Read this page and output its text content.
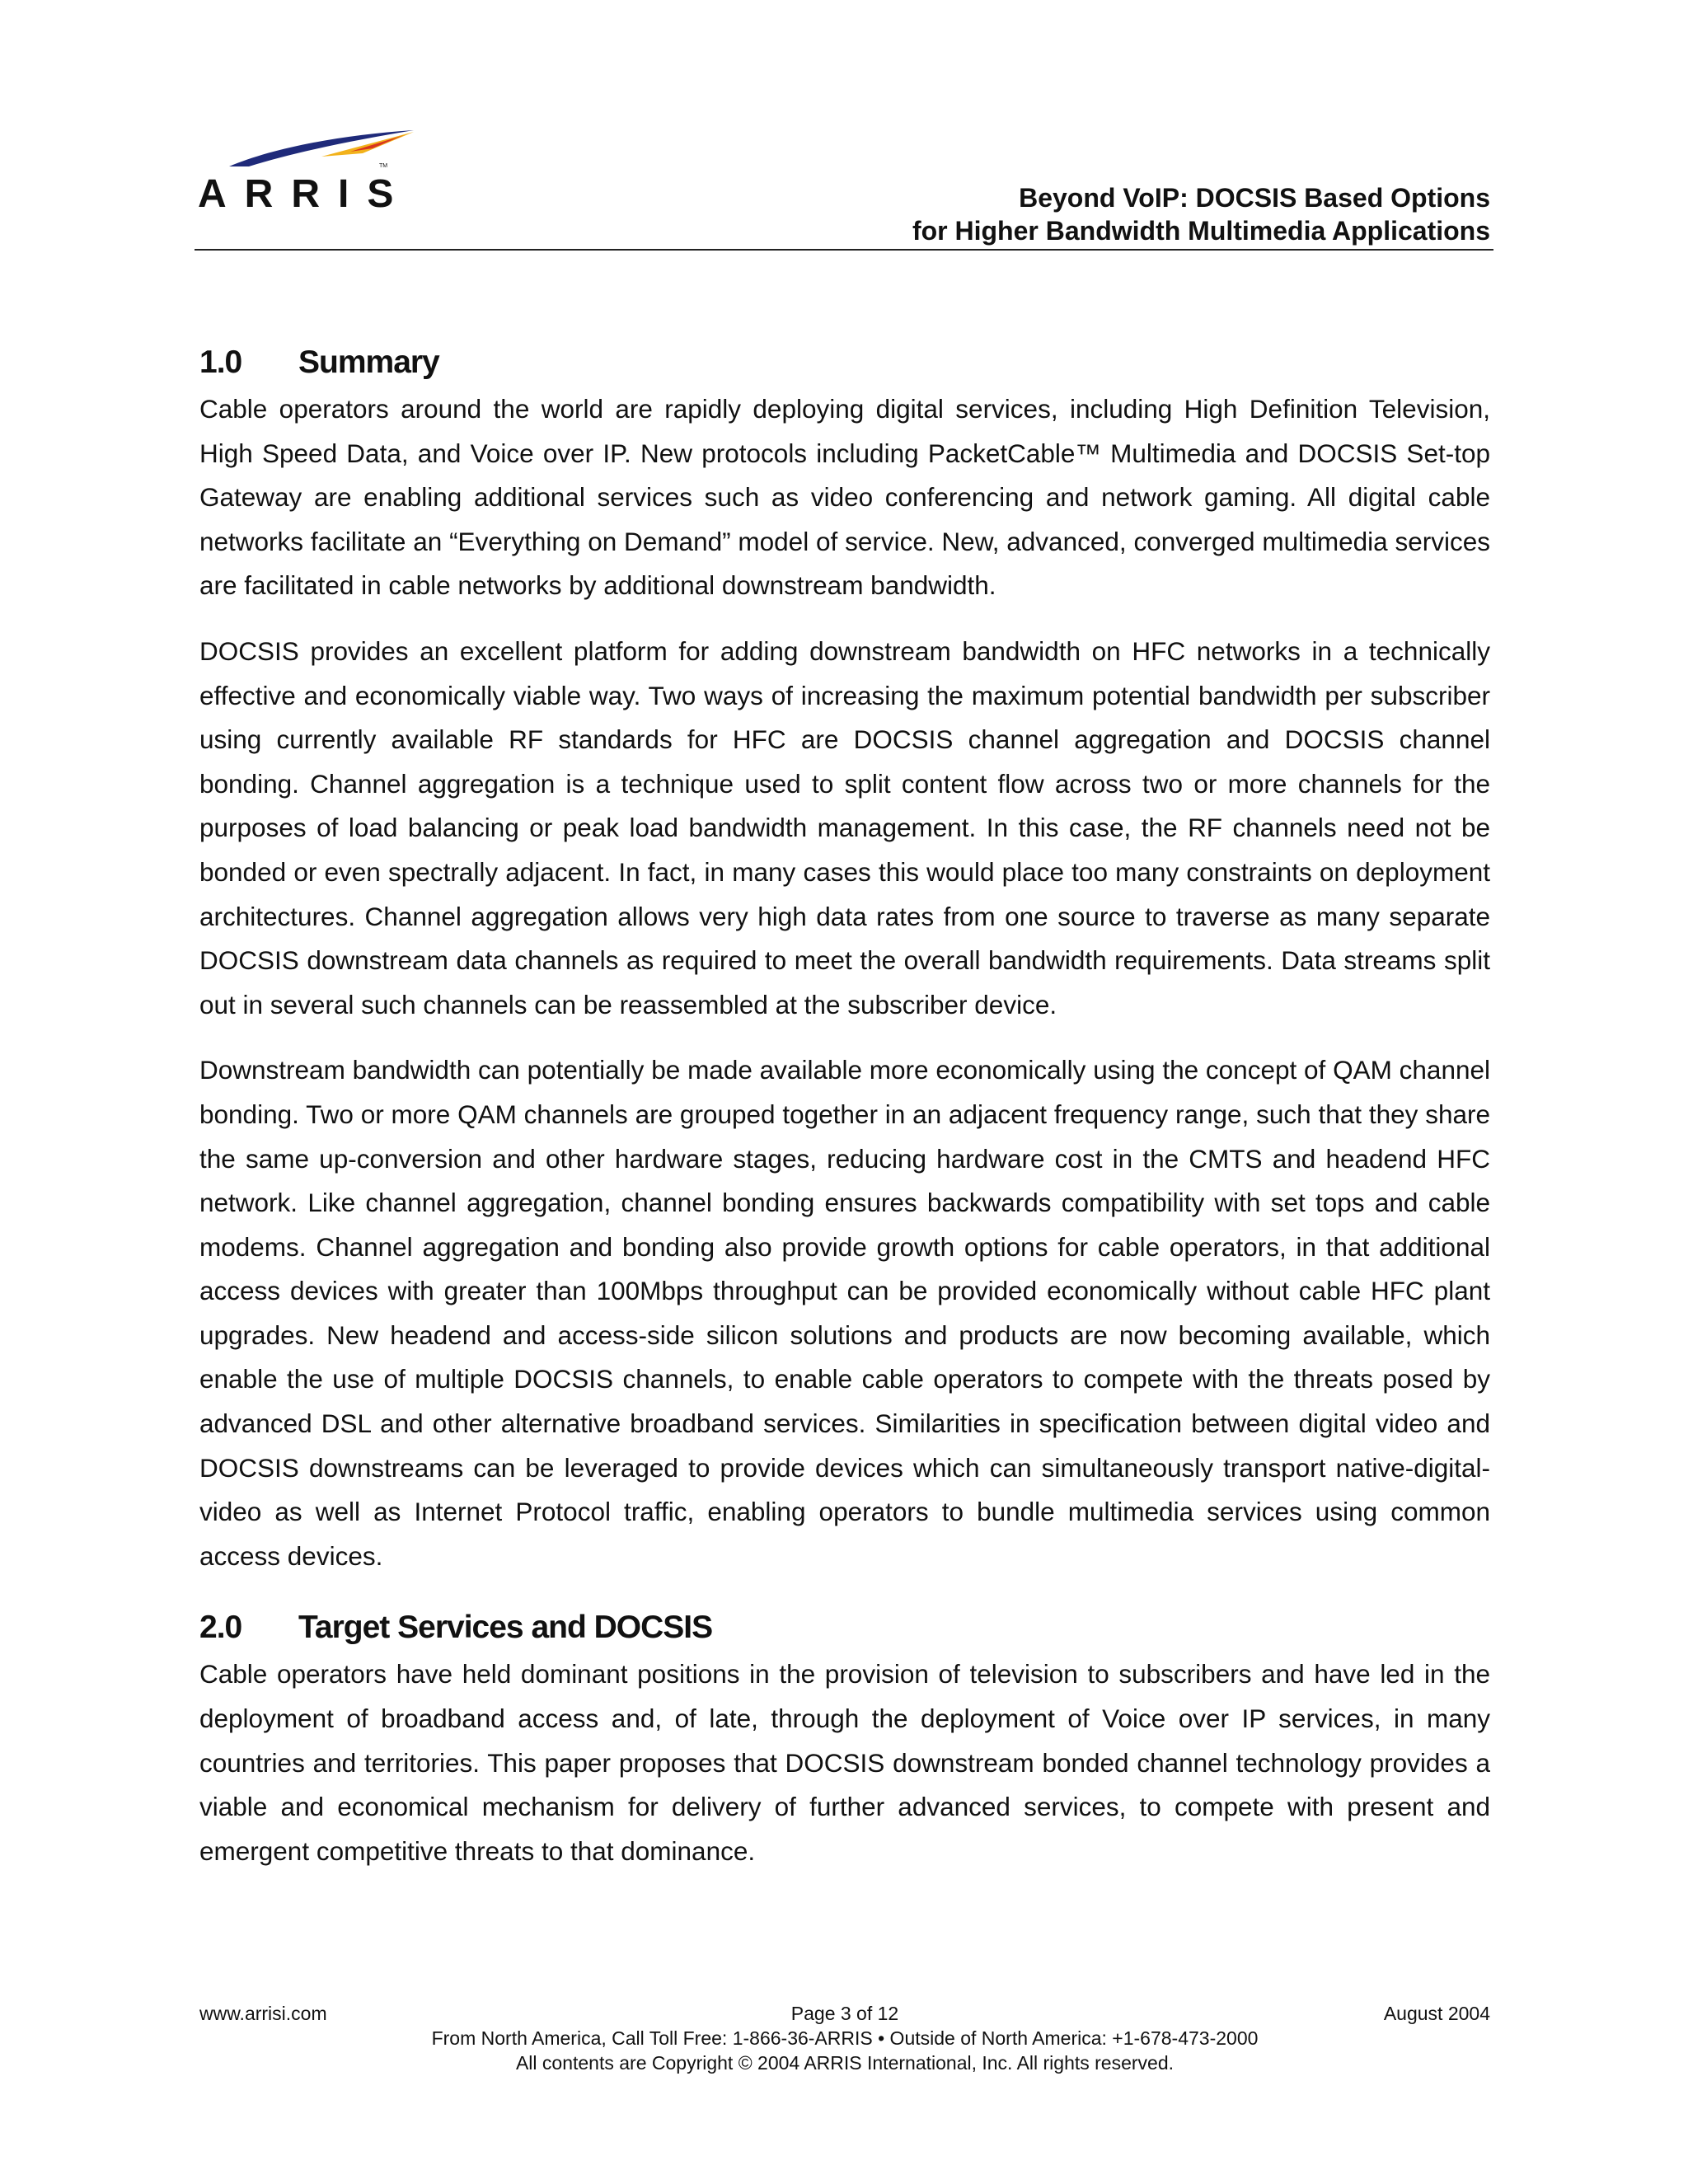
TM
ARRIS	Beyond VoIP: DOCSIS Based Options
for Higher Bandwidth Multimedia Applications
1.0 Summary

Cable operators around the world are rapidly deploying digital services, including High Definition Television, High Speed Data, and Voice over IP. New protocols including PacketCable™ Multimedia and DOCSIS Set-top Gateway are enabling additional services such as video conferencing and network gaming. All digital cable networks facilitate an “Everything on Demand” model of service. New, advanced, converged multimedia services are facilitated in cable networks by additional downstream bandwidth.

DOCSIS provides an excellent platform for adding downstream bandwidth on HFC networks in a technically effective and economically viable way. Two ways of increasing the maximum potential bandwidth per subscriber using currently available RF standards for HFC are DOCSIS channel aggregation and DOCSIS channel bonding. Channel aggregation is a technique used to split content flow across two or more channels for the purposes of load balancing or peak load bandwidth management. In this case, the RF channels need not be bonded or even spectrally adjacent. In fact, in many cases this would place too many constraints on deployment architectures. Channel aggregation allows very high data rates from one source to traverse as many separate DOCSIS downstream data channels as required to meet the overall bandwidth requirements. Data streams split out in several such channels can be reassembled at the subscriber device.

Downstream bandwidth can potentially be made available more economically using the concept of QAM channel bonding. Two or more QAM channels are grouped together in an adjacent frequency range, such that they share the same up-conversion and other hardware stages, reducing hardware cost in the CMTS and headend HFC network. Like channel aggregation, channel bonding ensures backwards compatibility with set tops and cable modems. Channel aggregation and bonding also provide growth options for cable operators, in that additional access devices with greater than 100Mbps throughput can be provided economically without cable HFC plant upgrades. New headend and access-side silicon solutions and products are now becoming available, which enable the use of multiple DOCSIS channels, to enable cable operators to compete with the threats posed by advanced DSL and other alternative broadband services. Similarities in specification between digital video and DOCSIS downstreams can be leveraged to provide devices which can simultaneously transport native-digital-video as well as Internet Protocol traffic, enabling operators to bundle multimedia services using common access devices.

2.0 Target Services and DOCSIS

Cable operators have held dominant positions in the provision of television to subscribers and have led in the deployment of broadband access and, of late, through the deployment of Voice over IP services, in many countries and territories. This paper proposes that DOCSIS downstream bonded channel technology provides a viable and economical mechanism for delivery of further advanced services, to compete with present and emergent competitive threats to that dominance.

www.arrisi.com	Page 3 of 12	August 2004
From North America, Call Toll Free: 1-866-36-ARRIS • Outside of North America: +1-678-473-2000
All contents are Copyright © 2004 ARRIS International, Inc. All rights reserved.
